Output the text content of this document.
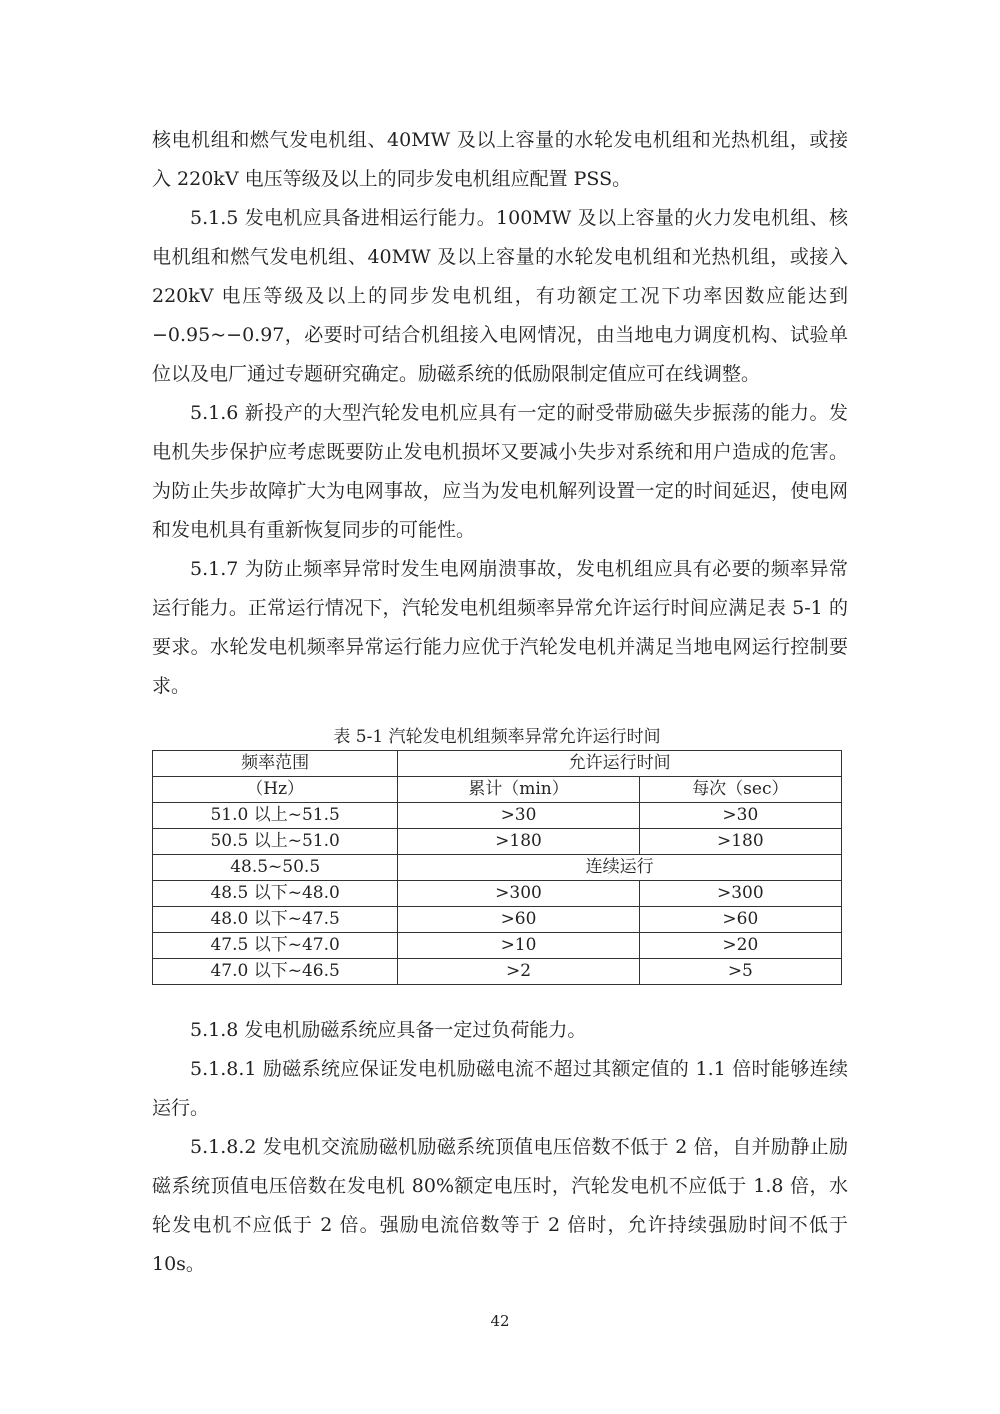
核电机组和燃气发电机组、40MW 及以上容量的水轮发电机组和光热机组，或接入 220kV 电压等级及以上的同步发电机组应配置 PSS。

5.1.5 发电机应具备进相运行能力。100MW 及以上容量的火力发电机组、核电机组和燃气发电机组、40MW 及以上容量的水轮发电机组和光热机组，或接入 220kV 电压等级及以上的同步发电机组，有功额定工况下功率因数应能达到 −0.95~−0.97，必要时可结合机组接入电网情况，由当地电力调度机构、试验单位以及电厂通过专题研究确定。励磁系统的低励限制定值应可在线调整。

5.1.6 新投产的大型汽轮发电机应具有一定的耐受带励磁失步振荡的能力。发电机失步保护应考虑既要防止发电机损坏又要减小失步对系统和用户造成的危害。为防止失步故障扩大为电网事故，应当为发电机解列设置一定的时间延迟，使电网和发电机具有重新恢复同步的可能性。

5.1.7 为防止频率异常时发生电网崩溃事故，发电机组应具有必要的频率异常运行能力。正常运行情况下，汽轮发电机组频率异常允许运行时间应满足表 5-1 的要求。水轮发电机频率异常运行能力应优于汽轮发电机并满足当地电网运行控制要求。

表 5-1 汽轮发电机组频率异常允许运行时间
频率范围	允许运行时间	
（Hz）	累计（min）	每次（sec）
51.0 以上~51.5	>30	>30
50.5 以上~51.0	>180	>180
48.5~50.5	连续运行	
48.5 以下~48.0	>300	>300
48.0 以下~47.5	>60	>60
47.5 以下~47.0	>10	>20
47.0 以下~46.5	>2	>5

5.1.8 发电机励磁系统应具备一定过负荷能力。

5.1.8.1 励磁系统应保证发电机励磁电流不超过其额定值的 1.1 倍时能够连续运行。

5.1.8.2 发电机交流励磁机励磁系统顶值电压倍数不低于 2 倍，自并励静止励磁系统顶值电压倍数在发电机 80%额定电压时，汽轮发电机不应低于 1.8 倍，水轮发电机不应低于 2 倍。强励电流倍数等于 2 倍时，允许持续强励时间不低于 10s。

42
